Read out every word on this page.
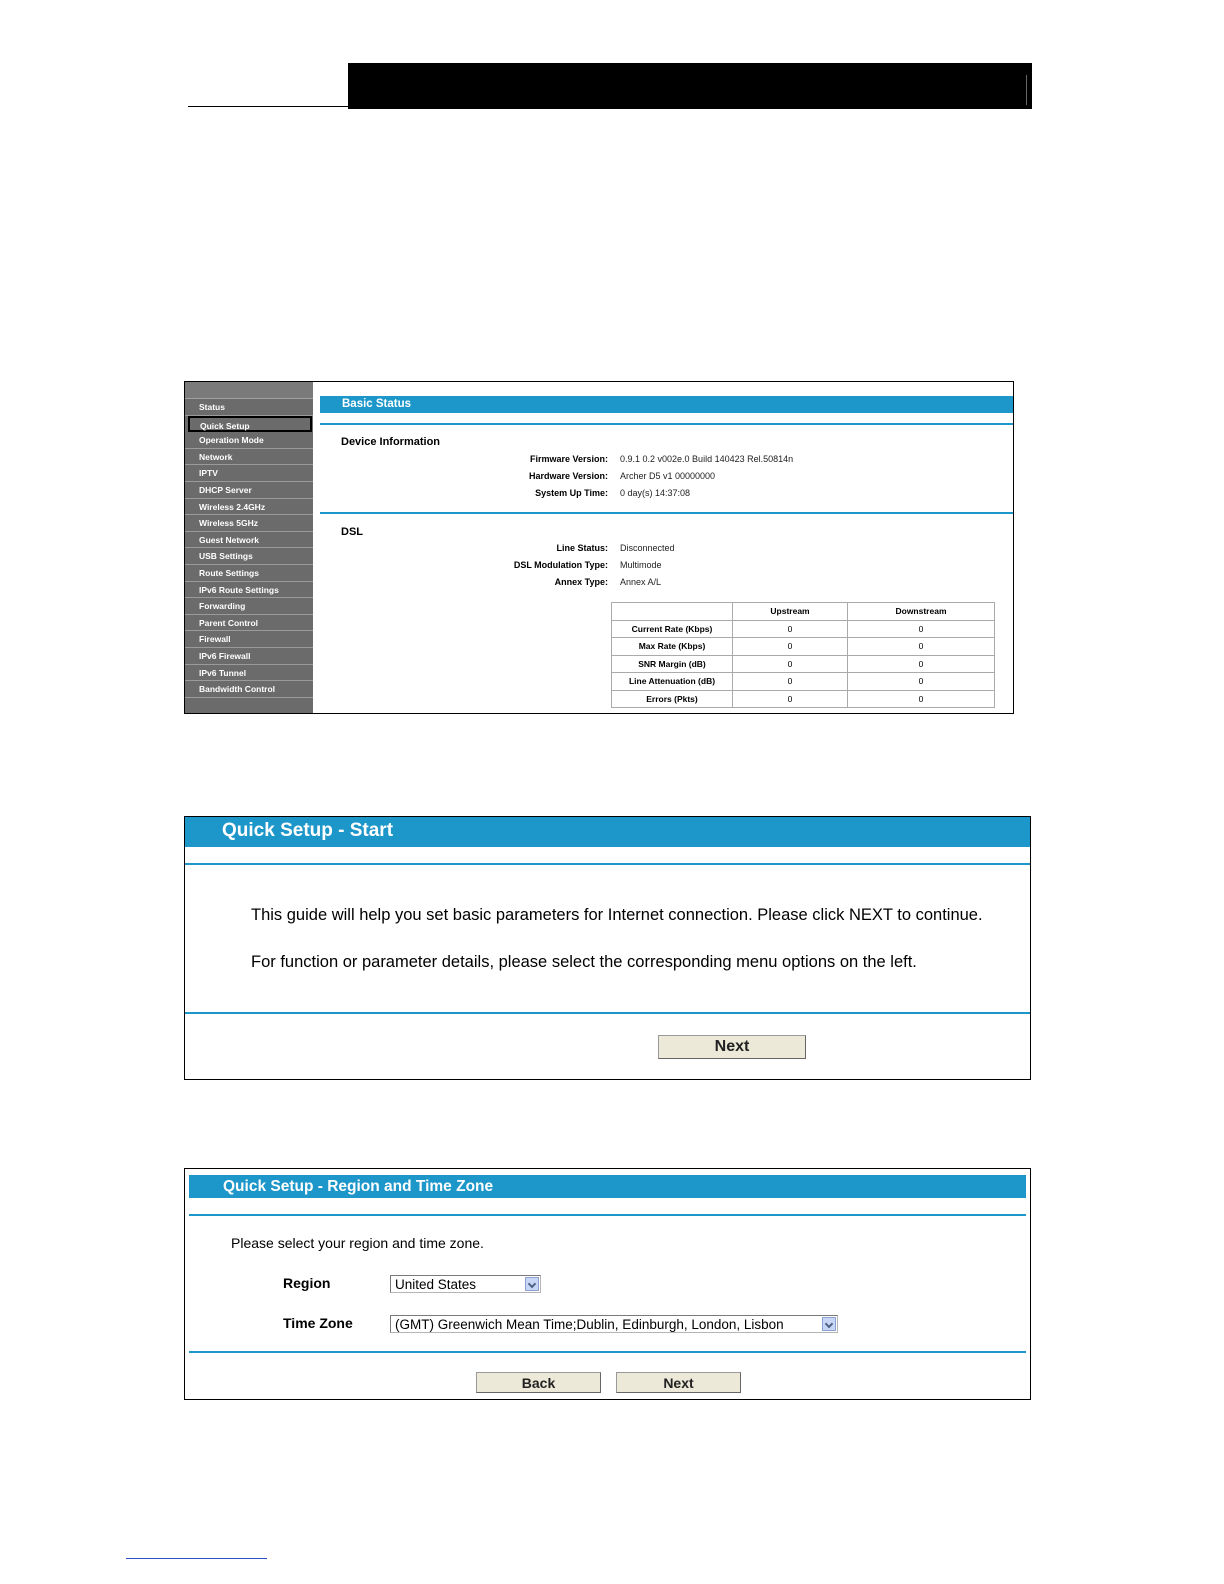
Status
Quick Setup
Operation Mode
Network
IPTV
DHCP Server
Wireless 2.4GHz
Wireless 5GHz
Guest Network
USB Settings
Route Settings
IPv6 Route Settings
Forwarding
Parent Control
Firewall
IPv6 Firewall
IPv6 Tunnel
Bandwidth Control
Basic Status
Device Information
Firmware Version: 0.9.1 0.2 v002e.0 Build 140423 Rel.50814n
Hardware Version: Archer D5 v1 00000000
System Up Time: 0 day(s) 14:37:08
DSL
Line Status: Disconnected
DSL Modulation Type: Multimode
Annex Type: Annex A/L
	Upstream	Downstream
Current Rate (Kbps)	0	0
Max Rate (Kbps)	0	0
SNR Margin (dB)	0	0
Line Attenuation (dB)	0	0
Errors (Pkts)	0	0
Quick Setup - Start
This guide will help you set basic parameters for Internet connection. Please click NEXT to continue.
For function or parameter details, please select the corresponding menu options on the left.
Next
Quick Setup - Region and Time Zone
Please select your region and time zone.
Region	United States
Time Zone	(GMT) Greenwich Mean Time;Dublin, Edinburgh, London, Lisbon
Back	Next
